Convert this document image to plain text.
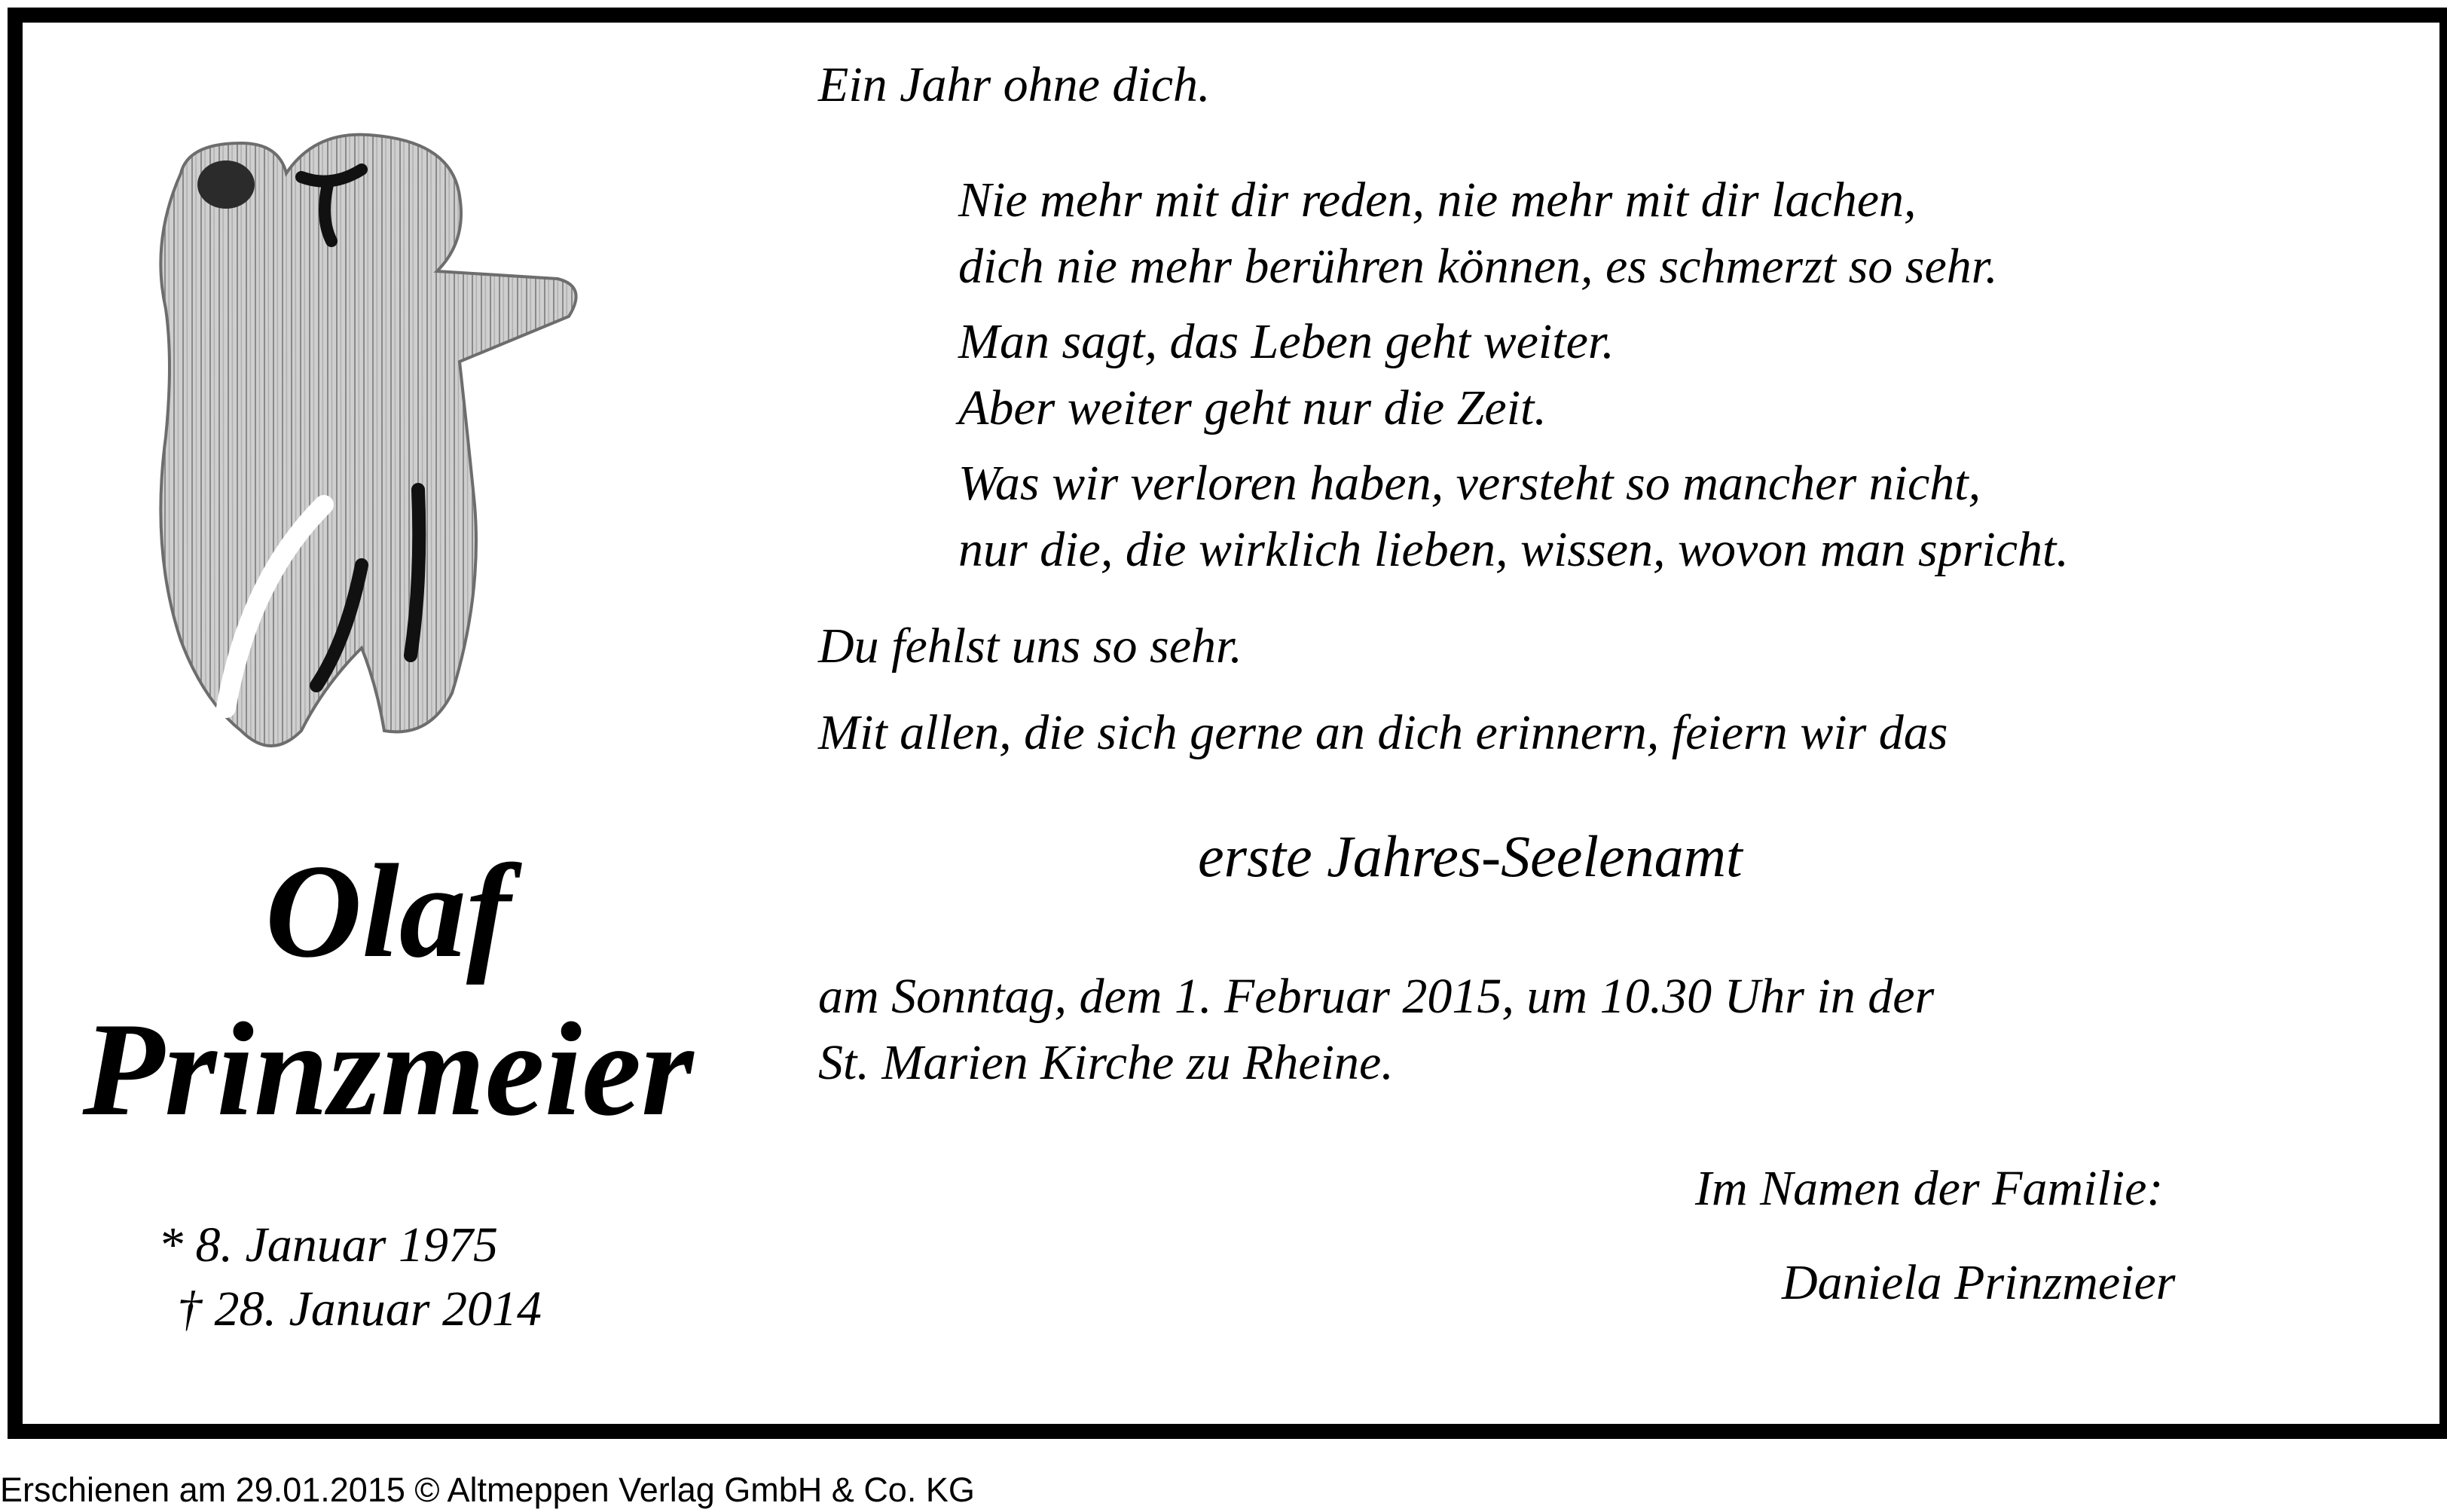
Olaf
Prinzmeier
* 8. Januar 1975
† 28. Januar 2014
Ein Jahr ohne dich.
Nie mehr mit dir reden, nie mehr mit dir lachen,
dich nie mehr berühren können, es schmerzt so sehr.
Man sagt, das Leben geht weiter.
Aber weiter geht nur die Zeit.
Was wir verloren haben, versteht so mancher nicht,
nur die, die wirklich lieben, wissen, wovon man spricht.
Du fehlst uns so sehr.
Mit allen, die sich gerne an dich erinnern, feiern wir das
erste Jahres-Seelenamt
am Sonntag, dem 1. Februar 2015, um 10.30 Uhr in der
St. Marien Kirche zu Rheine.
Im Namen der Familie:
Daniela Prinzmeier
Erschienen am 29.01.2015 © Altmeppen Verlag GmbH & Co. KG
